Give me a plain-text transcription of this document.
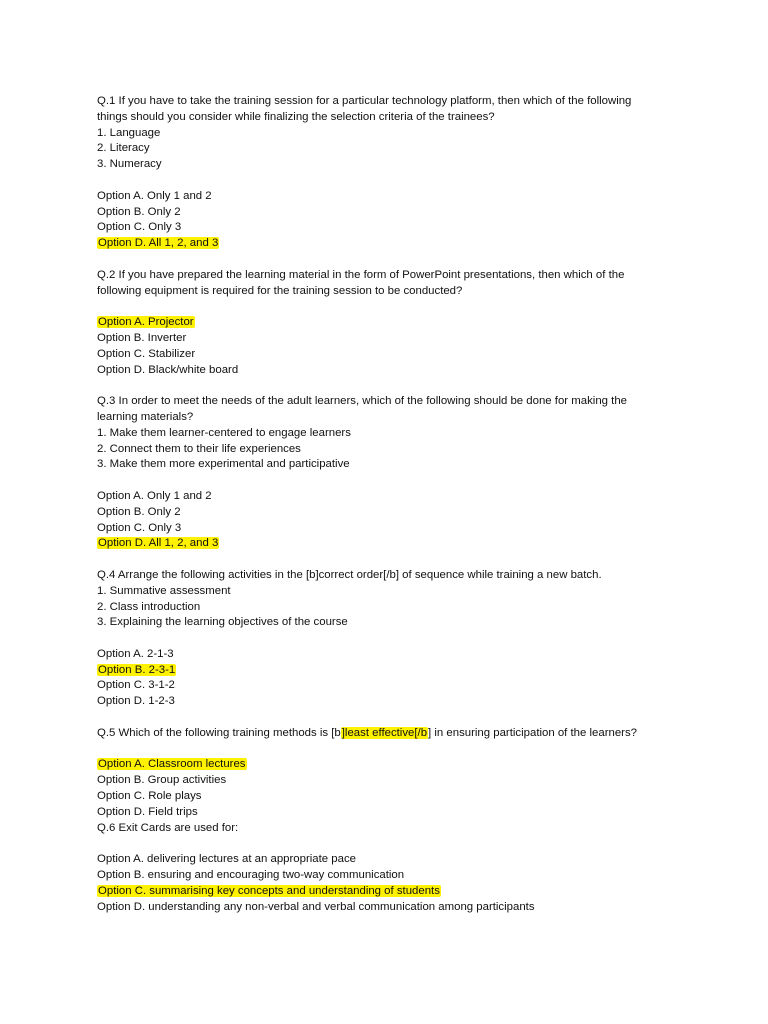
Q.1 If you have to take the training session for a particular technology platform, then which of the following
things should you consider while finalizing the selection criteria of the trainees?
1. Language
2. Literacy
3. Numeracy
Option A. Only 1 and 2
Option B. Only 2
Option C. Only 3
Option D. All 1, 2, and 3
Q.2 If you have prepared the learning material in the form of PowerPoint presentations, then which of the
following equipment is required for the training session to be conducted?
Option A. Projector
Option B. Inverter
Option C. Stabilizer
Option D. Black/white board
Q.3 In order to meet the needs of the adult learners, which of the following should be done for making the
learning materials?
1. Make them learner-centered to engage learners
2. Connect them to their life experiences
3. Make them more experimental and participative
Option A. Only 1 and 2
Option B. Only 2
Option C. Only 3
Option D. All 1, 2, and 3
Q.4 Arrange the following activities in the [b]correct order[/b] of sequence while training a new batch.
1. Summative assessment
2. Class introduction
3. Explaining the learning objectives of the course
Option A. 2-1-3
Option B. 2-3-1
Option C. 3-1-2
Option D. 1-2-3
Q.5 Which of the following training methods is [b]least effective[/b] in ensuring participation of the learners?
Option A. Classroom lectures
Option B. Group activities
Option C. Role plays
Option D. Field trips
Q.6 Exit Cards are used for:
Option A. delivering lectures at an appropriate pace
Option B. ensuring and encouraging two-way communication
Option C. summarising key concepts and understanding of students
Option D. understanding any non-verbal and verbal communication among participants
